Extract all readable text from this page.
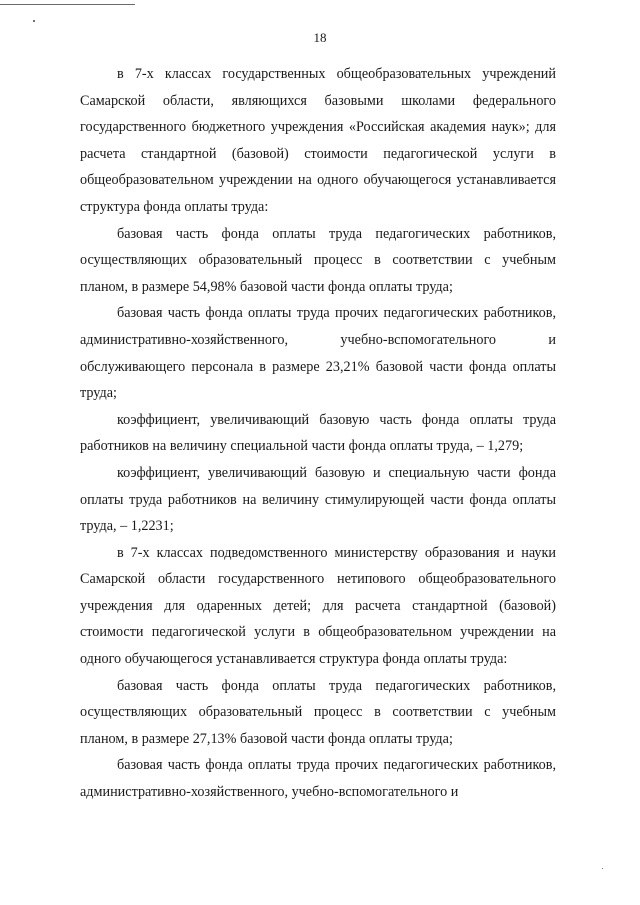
18

в 7-х классах государственных общеобразовательных учреждений Самарской области, являющихся базовыми школами федерального государственного бюджетного учреждения «Российская академия наук»; для расчета стандартной (базовой) стоимости педагогической услуги в общеобразовательном учреждении на одного обучающегося устанавливается структура фонда оплаты труда:

базовая часть фонда оплаты труда педагогических работников, осуществляющих образовательный процесс в соответствии с учебным планом, в размере 54,98% базовой части фонда оплаты труда;

базовая часть фонда оплаты труда прочих педагогических работников, административно-хозяйственного, учебно-вспомогательного и обслуживающего персонала в размере 23,21% базовой части фонда оплаты труда;

коэффициент, увеличивающий базовую часть фонда оплаты труда работников на величину специальной части фонда оплаты труда, – 1,279;

коэффициент, увеличивающий базовую и специальную части фонда оплаты труда работников на величину стимулирующей части фонда оплаты труда, – 1,2231;

в 7-х классах подведомственного министерству образования и науки Самарской области государственного нетипового общеобразовательного учреждения для одаренных детей; для расчета стандартной (базовой) стоимости педагогической услуги в общеобразовательном учреждении на одного обучающегося устанавливается структура фонда оплаты труда:

базовая часть фонда оплаты труда педагогических работников, осуществляющих образовательный процесс в соответствии с учебным планом, в размере 27,13% базовой части фонда оплаты труда;

базовая часть фонда оплаты труда прочих педагогических работников, административно-хозяйственного, учебно-вспомогательного и
